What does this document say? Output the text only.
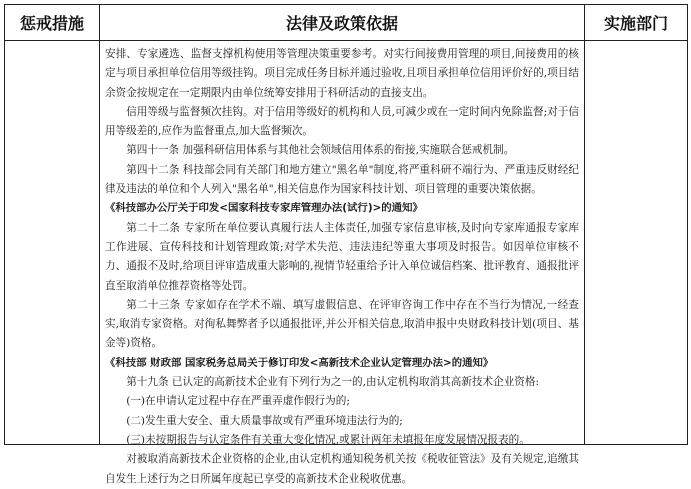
惩戒措施	法律及政策依据	实施部门

安排、专家遴选、监督支撑机构使用等管理决策重要参考。对实行间接费用管理的项目,间接费用的核定与项目承担单位信用等级挂钩。项目完成任务目标并通过验收,且项目承担单位信用评价好的,项目结余资金按规定在一定期限内由单位统筹安排用于科研活动的直接支出。

信用等级与监督频次挂钩。对于信用等级好的机构和人员,可减少或在一定时间内免除监督;对于信用等级差的,应作为监督重点,加大监督频次。

第四十一条 加强科研信用体系与其他社会领域信用体系的衔接,实施联合惩戒机制。

第四十二条 科技部会同有关部门和地方建立"黑名单"制度,将严重科研不端行为、严重违反财经纪律及违法的单位和个人列入"黑名单",相关信息作为国家科技计划、项目管理的重要决策依据。

《科技部办公厅关于印发<国家科技专家库管理办法(试行)>的通知》

第二十二条 专家所在单位要认真履行法人主体责任,加强专家信息审核,及时向专家库通报专家库工作进展、宣传科技和计划管理政策;对学术失范、违法违纪等重大事项及时报告。如因单位审核不力、通报不及时,给项目评审造成重大影响的,视情节轻重给予计入单位诚信档案、批评教育、通报批评直至取消单位推荐资格等处罚。

第二十三条 专家如存在学术不端、填写虚假信息、在评审咨询工作中存在不当行为情况,一经查实,取消专家资格。对徇私舞弊者予以通报批评,并公开相关信息,取消申报中央财政科技计划(项目、基金等)资格。

《科技部 财政部 国家税务总局关于修订印发<高新技术企业认定管理办法>的通知》

第十九条 已认定的高新技术企业有下列行为之一的,由认定机构取消其高新技术企业资格:

(一)在申请认定过程中存在严重弄虚作假行为的;

(二)发生重大安全、重大质量事故或有严重环境违法行为的;

(三)未按期报告与认定条件有关重大变化情况,或累计两年未填报年度发展情况报表的。

对被取消高新技术企业资格的企业,由认定机构通知税务机关按《税收征管法》及有关规定,追缴其自发生上述行为之日所属年度起已享受的高新技术企业税收优惠。
